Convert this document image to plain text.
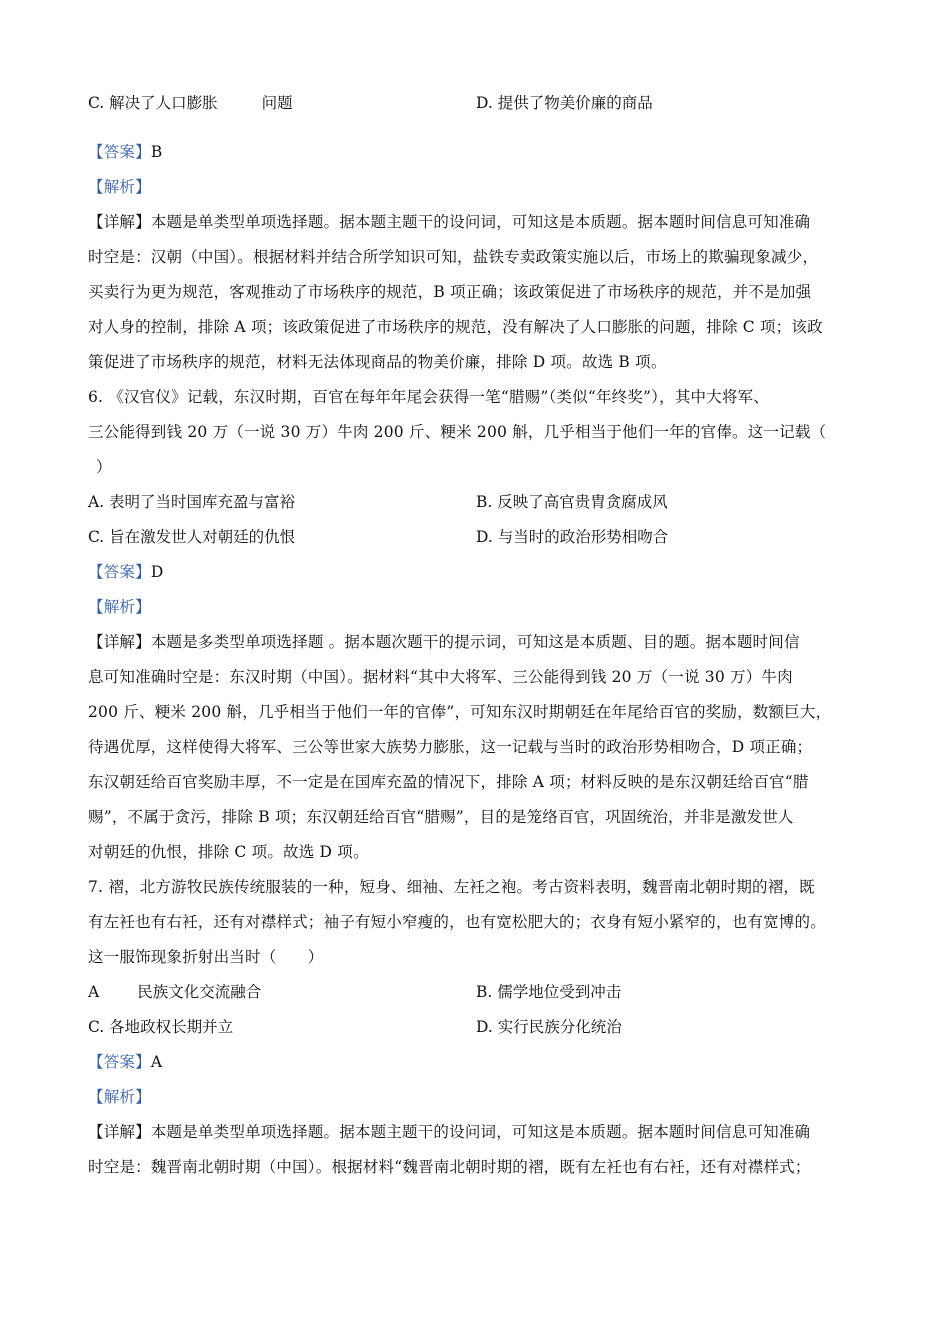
C. 解决了人口膨胀	问题	D. 提供了物美价廉的商品
【答案】B
【解析】
【详解】本题是单类型单项选择题。据本题主题干的设问词，可知这是本质题。据本题时间信息可知准确
时空是：汉朝（中国）。根据材料并结合所学知识可知，盐铁专卖政策实施以后，市场上的欺骗现象减少，
买卖行为更为规范，客观推动了市场秩序的规范，B 项正确；该政策促进了市场秩序的规范，并不是加强
对人身的控制，排除 A 项；该政策促进了市场秩序的规范，没有解决了人口膨胀的问题，排除 C 项；该政
策促进了市场秩序的规范，材料无法体现商品的物美价廉，排除 D 项。故选 B 项。
6. 《汉官仪》记载，东汉时期，百官在每年年尾会获得一笔“腊赐”（类似“年终奖”），其中大将军、
三公能得到钱 20 万（一说 30 万）牛肉 200 斤、粳米 200 斛，几乎相当于他们一年的官俸。这一记载（
）
A. 表明了当时国库充盈与富裕	B. 反映了高官贵胄贪腐成风
C. 旨在激发世人对朝廷的仇恨	D. 与当时的政治形势相吻合
【答案】D
【解析】
【详解】本题是多类型单项选择题 。据本题次题干的提示词，可知这是本质题、目的题。据本题时间信
息可知准确时空是：东汉时期（中国）。据材料“其中大将军、三公能得到钱 20 万（一说 30 万）牛肉
200 斤、粳米 200 斛，几乎相当于他们一年的官俸”，可知东汉时期朝廷在年尾给百官的奖励，数额巨大，
待遇优厚，这样使得大将军、三公等世家大族势力膨胀，这一记载与当时的政治形势相吻合，D 项正确；
东汉朝廷给百官奖励丰厚，不一定是在国库充盈的情况下，排除 A 项；材料反映的是东汉朝廷给百官“腊
赐”，不属于贪污，排除 B 项；东汉朝廷给百官“腊赐”，目的是笼络百官，巩固统治，并非是激发世人
对朝廷的仇恨，排除 C 项。故选 D 项。
7. 褶，北方游牧民族传统服装的一种，短身、细袖、左衽之袍。考古资料表明，魏晋南北朝时期的褶，既
有左衽也有右衽，还有对襟样式；袖子有短小窄瘦的，也有宽松肥大的；衣身有短小紧窄的，也有宽博的。
这一服饰现象折射出当时（　　）
A 民族文化交流融合	B. 儒学地位受到冲击
C. 各地政权长期并立	D. 实行民族分化统治
【答案】A
【解析】
【详解】本题是单类型单项选择题。据本题主题干的设问词，可知这是本质题。据本题时间信息可知准确
时空是：魏晋南北朝时期（中国）。根据材料“魏晋南北朝时期的褶，既有左衽也有右衽，还有对襟样式；
